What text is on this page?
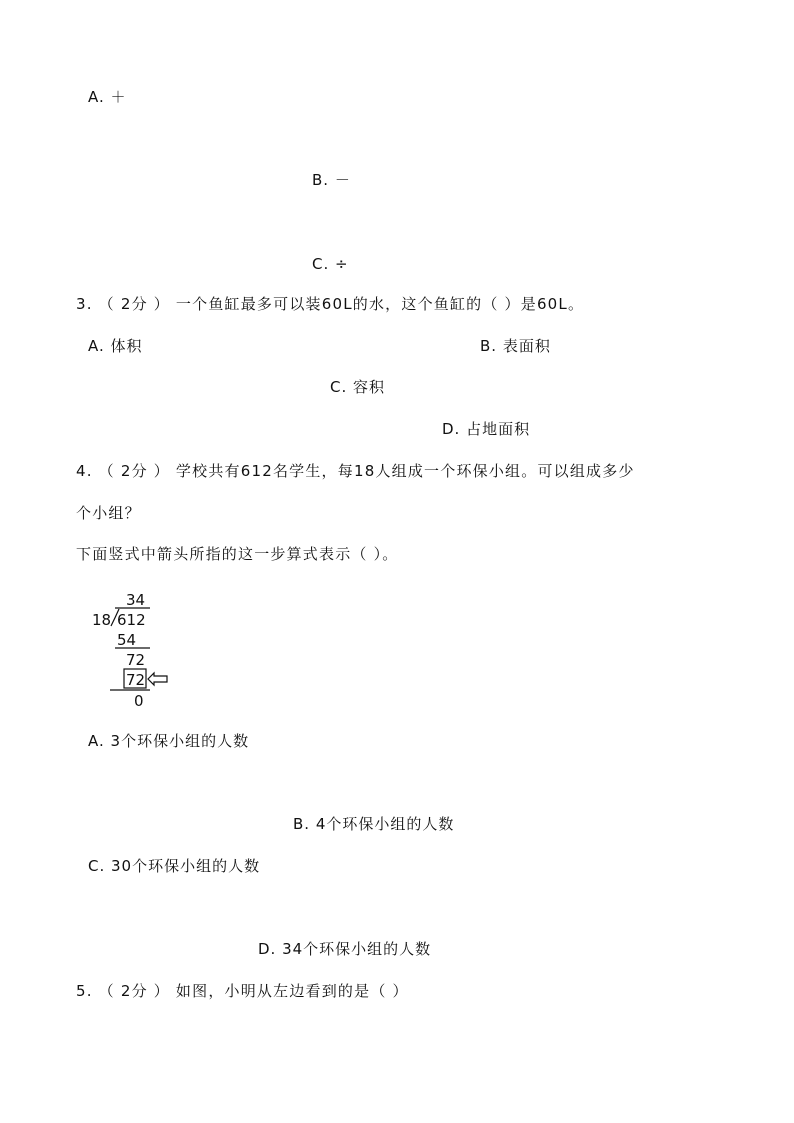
A. ＋
B. －
C. ÷
3. （ 2分 ） 一个鱼缸最多可以装60L的水，这个鱼缸的（ ）是60L。
A. 体积	B. 表面积
C. 容积
D. 占地面积
4. （ 2分 ） 学校共有612名学生，每18人组成一个环保小组。可以组成多少
个小组？
下面竖式中箭头所指的这一步算式表示（ ）。
34
18 612
54
72
72
0
A. 3个环保小组的人数
B. 4个环保小组的人数
C. 30个环保小组的人数
D. 34个环保小组的人数
5. （ 2分 ） 如图，小明从左边看到的是（ ）
